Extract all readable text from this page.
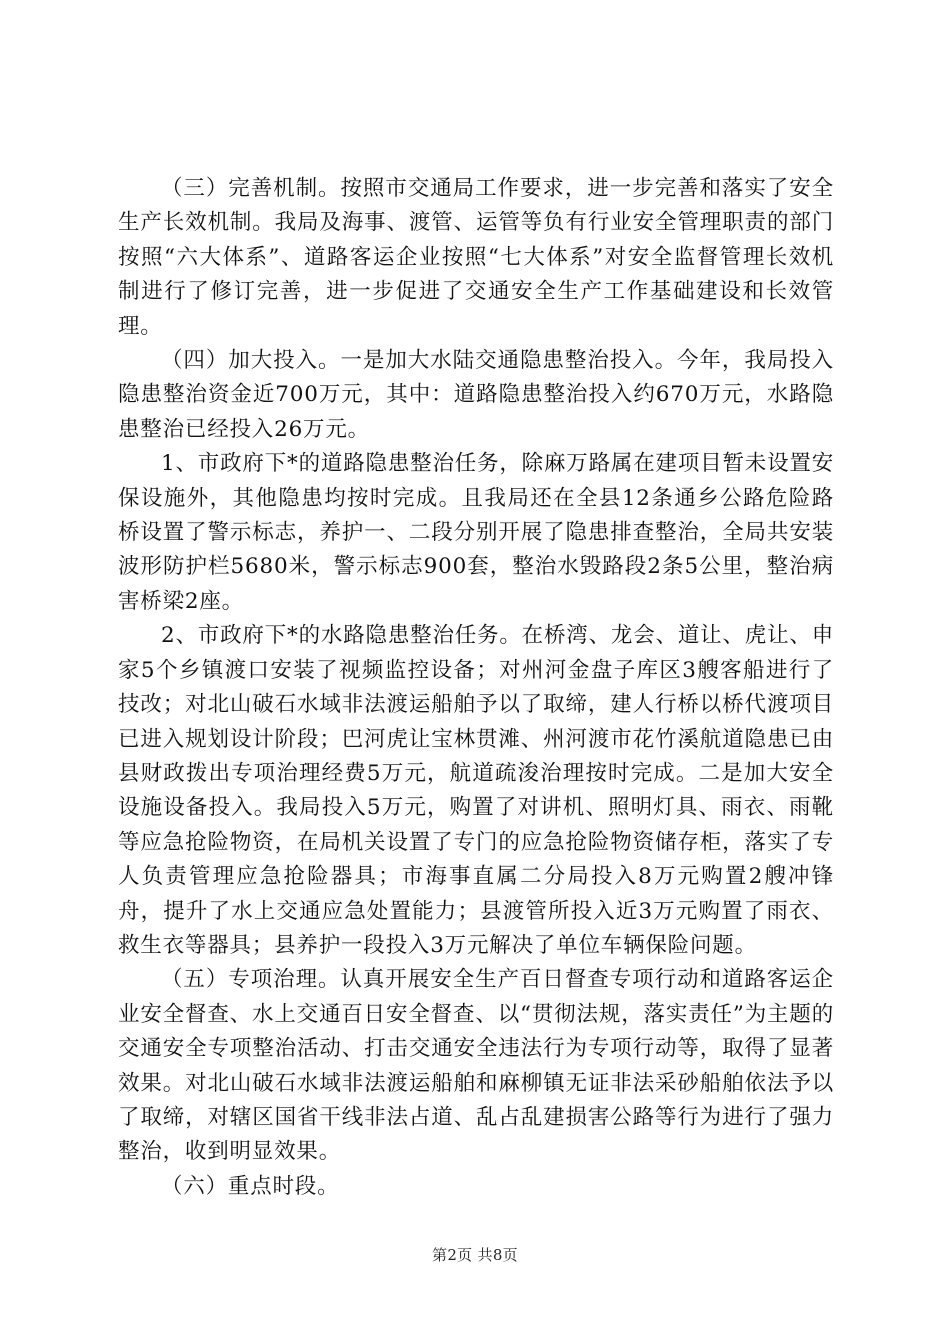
（三）完善机制。按照市交通局工作要求，进一步完善和落实了安全生产长效机制。我局及海事、渡管、运管等负有行业安全管理职责的部门按照“六大体系”、道路客运企业按照“七大体系”对安全监督管理长效机制进行了修订完善，进一步促进了交通安全生产工作基础建设和长效管理。

（四）加大投入。一是加大水陆交通隐患整治投入。今年，我局投入隐患整治资金近700万元，其中：道路隐患整治投入约670万元，水路隐患整治已经投入26万元。

1、市政府下*的道路隐患整治任务，除麻万路属在建项目暂未设置安保设施外，其他隐患均按时完成。且我局还在全县12条通乡公路危险路桥设置了警示标志，养护一、二段分别开展了隐患排查整治，全局共安装波形防护栏5680米，警示标志900套，整治水毁路段2条5公里，整治病害桥梁2座。

2、市政府下*的水路隐患整治任务。在桥湾、龙会、道让、虎让、申家5个乡镇渡口安装了视频监控设备；对州河金盘子库区3艘客船进行了技改；对北山破石水域非法渡运船舶予以了取缔，建人行桥以桥代渡项目已进入规划设计阶段；巴河虎让宝林贯滩、州河渡市花竹溪航道隐患已由县财政拨出专项治理经费5万元，航道疏浚治理按时完成。二是加大安全设施设备投入。我局投入5万元，购置了对讲机、照明灯具、雨衣、雨靴等应急抢险物资，在局机关设置了专门的应急抢险物资储存柜，落实了专人负责管理应急抢险器具；市海事直属二分局投入8万元购置2艘冲锋舟，提升了水上交通应急处置能力；县渡管所投入近3万元购置了雨衣、救生衣等器具；县养护一段投入3万元解决了单位车辆保险问题。

（五）专项治理。认真开展安全生产百日督查专项行动和道路客运企业安全督查、水上交通百日安全督查、以“贯彻法规，落实责任”为主题的交通安全专项整治活动、打击交通安全违法行为专项行动等，取得了显著效果。对北山破石水域非法渡运船舶和麻柳镇无证非法采砂船舶依法予以了取缔，对辖区国省干线非法占道、乱占乱建损害公路等行为进行了强力整治，收到明显效果。

（六）重点时段。

第2页 共8页
